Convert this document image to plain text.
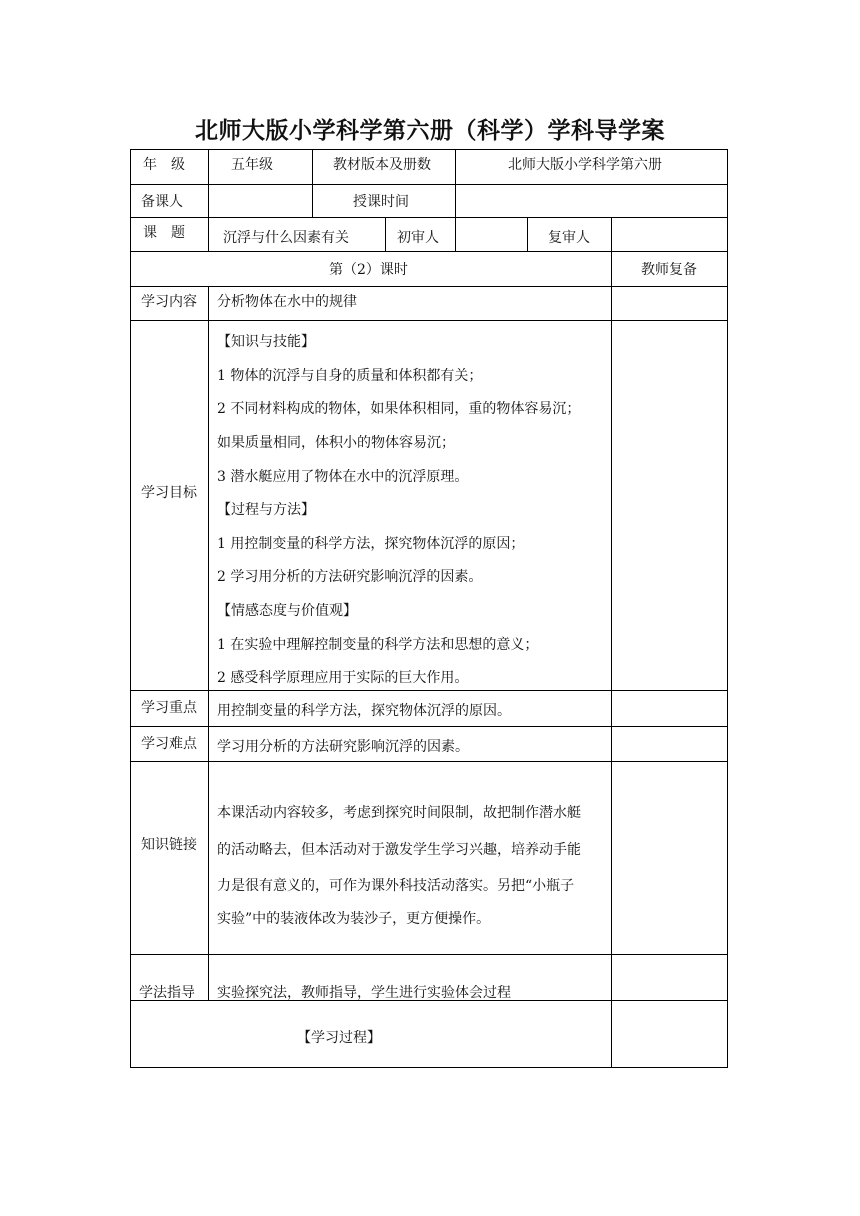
北师大版小学科学第六册（科学）学科导学案
年　级	五年级	教材版本及册数	北师大版小学科学第六册
备课人	授课时间
课　题	沉浮与什么因素有关	初审人	复审人
第（2）课时	教师复备
学习内容 分析物体在水中的规律
学习目标
【知识与技能】
1 物体的沉浮与自身的质量和体积都有关；
2 不同材料构成的物体，如果体积相同，重的物体容易沉；
如果质量相同，体积小的物体容易沉；
3 潜水艇应用了物体在水中的沉浮原理。
【过程与方法】
1 用控制变量的科学方法，探究物体沉浮的原因；
2 学习用分析的方法研究影响沉浮的因素。
【情感态度与价值观】
1 在实验中理解控制变量的科学方法和思想的意义；
2 感受科学原理应用于实际的巨大作用。
学习重点 用控制变量的科学方法，探究物体沉浮的原因。
学习难点 学习用分析的方法研究影响沉浮的因素。
知识链接
本课活动内容较多，考虑到探究时间限制，故把制作潜水艇
的活动略去，但本活动对于激发学生学习兴趣，培养动手能
力是很有意义的，可作为课外科技活动落实。另把“小瓶子
实验”中的装液体改为装沙子，更方便操作。
学法指导 实验探究法，教师指导，学生进行实验体会过程
【学习过程】
